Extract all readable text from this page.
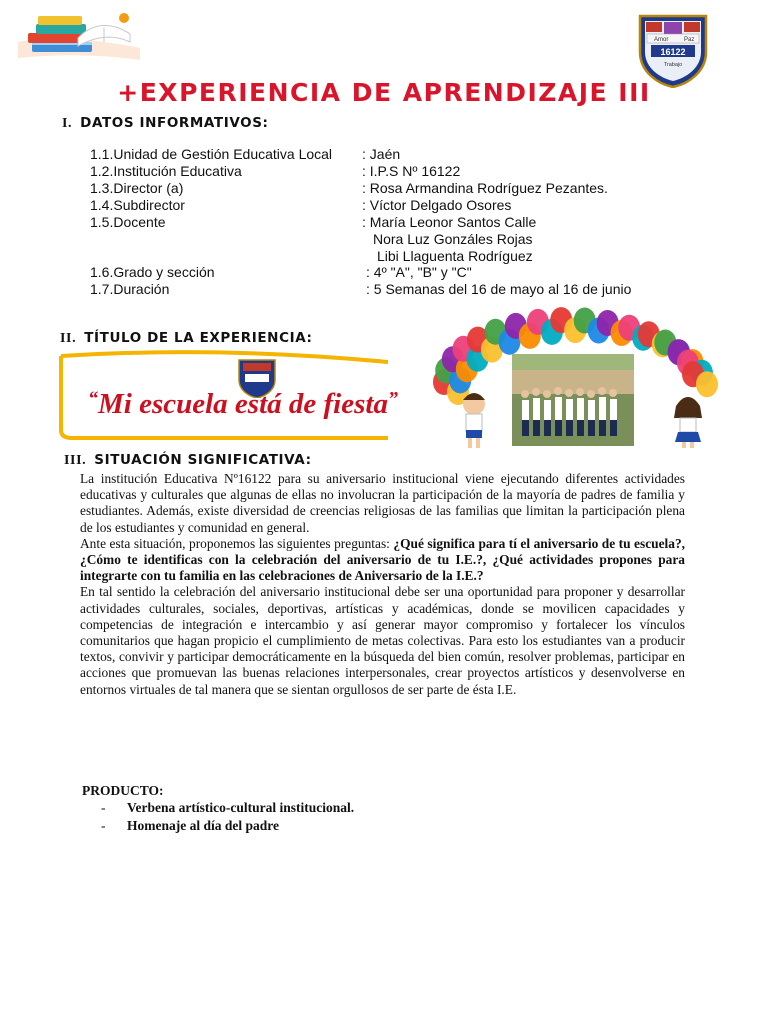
Amor	Paz
16122
Trabajo
+EXPERIENCIA DE APRENDIZAJE III
I. DATOS INFORMATIVOS:
1.1.Unidad de Gestión Educativa Local : Jaén
1.2.Institución Educativa	: I.P.S Nº 16122
1.3.Director (a)	: Rosa Armandina Rodríguez Pezantes.
1.4.Subdirector	: Víctor Delgado Osores
1.5.Docente	: María Leonor Santos Calle
Nora Luz Gonzáles Rojas
Libi Llaguenta Rodríguez
1.6.Grado y sección	: 4º "A", "B" y "C"
1.7.Duración	: 5 Semanas del 16 de mayo al 16 de junio
II. TÍTULO DE LA EXPERIENCIA:
“Mi escuela está de fiesta”
III. SITUACIÓN SIGNIFICATIVA:

La institución Educativa Nº16122 para su aniversario institucional viene ejecutando diferentes actividades educativas y culturales que algunas de ellas no involucran la participación de la mayoría de padres de familia y estudiantes. Además, existe diversidad de creencias religiosas de las familias que limitan la participación plena de los estudiantes y comunidad en general.

Ante esta situación, proponemos las siguientes preguntas: ¿Qué significa para tí el aniversario de tu escuela?,¿Cómo te identificas con la celebración del aniversario de tu I.E.?, ¿Qué actividades propones para integrarte con tu familia en las celebraciones de Aniversario de la I.E.?

En tal sentido la celebración del aniversario institucional debe ser una oportunidad para proponer y desarrollar actividades culturales, sociales, deportivas, artísticas y académicas, donde se movilicen capacidades y competencias de integración e intercambio y así generar mayor compromiso y fortalecer los vínculos comunitarios que hagan propicio el cumplimiento de metas colectivas. Para esto los estudiantes van a producir textos, convivir y participar democráticamente en la búsqueda del bien común, resolver problemas, participar en acciones que promuevan las buenas relaciones interpersonales, crear proyectos artísticos y desenvolverse en entornos virtuales de tal manera que se sientan orgullosos de ser parte de ésta I.E.

PRODUCTO:
- Verbena artístico-cultural institucional.
- Homenaje al día del padre
